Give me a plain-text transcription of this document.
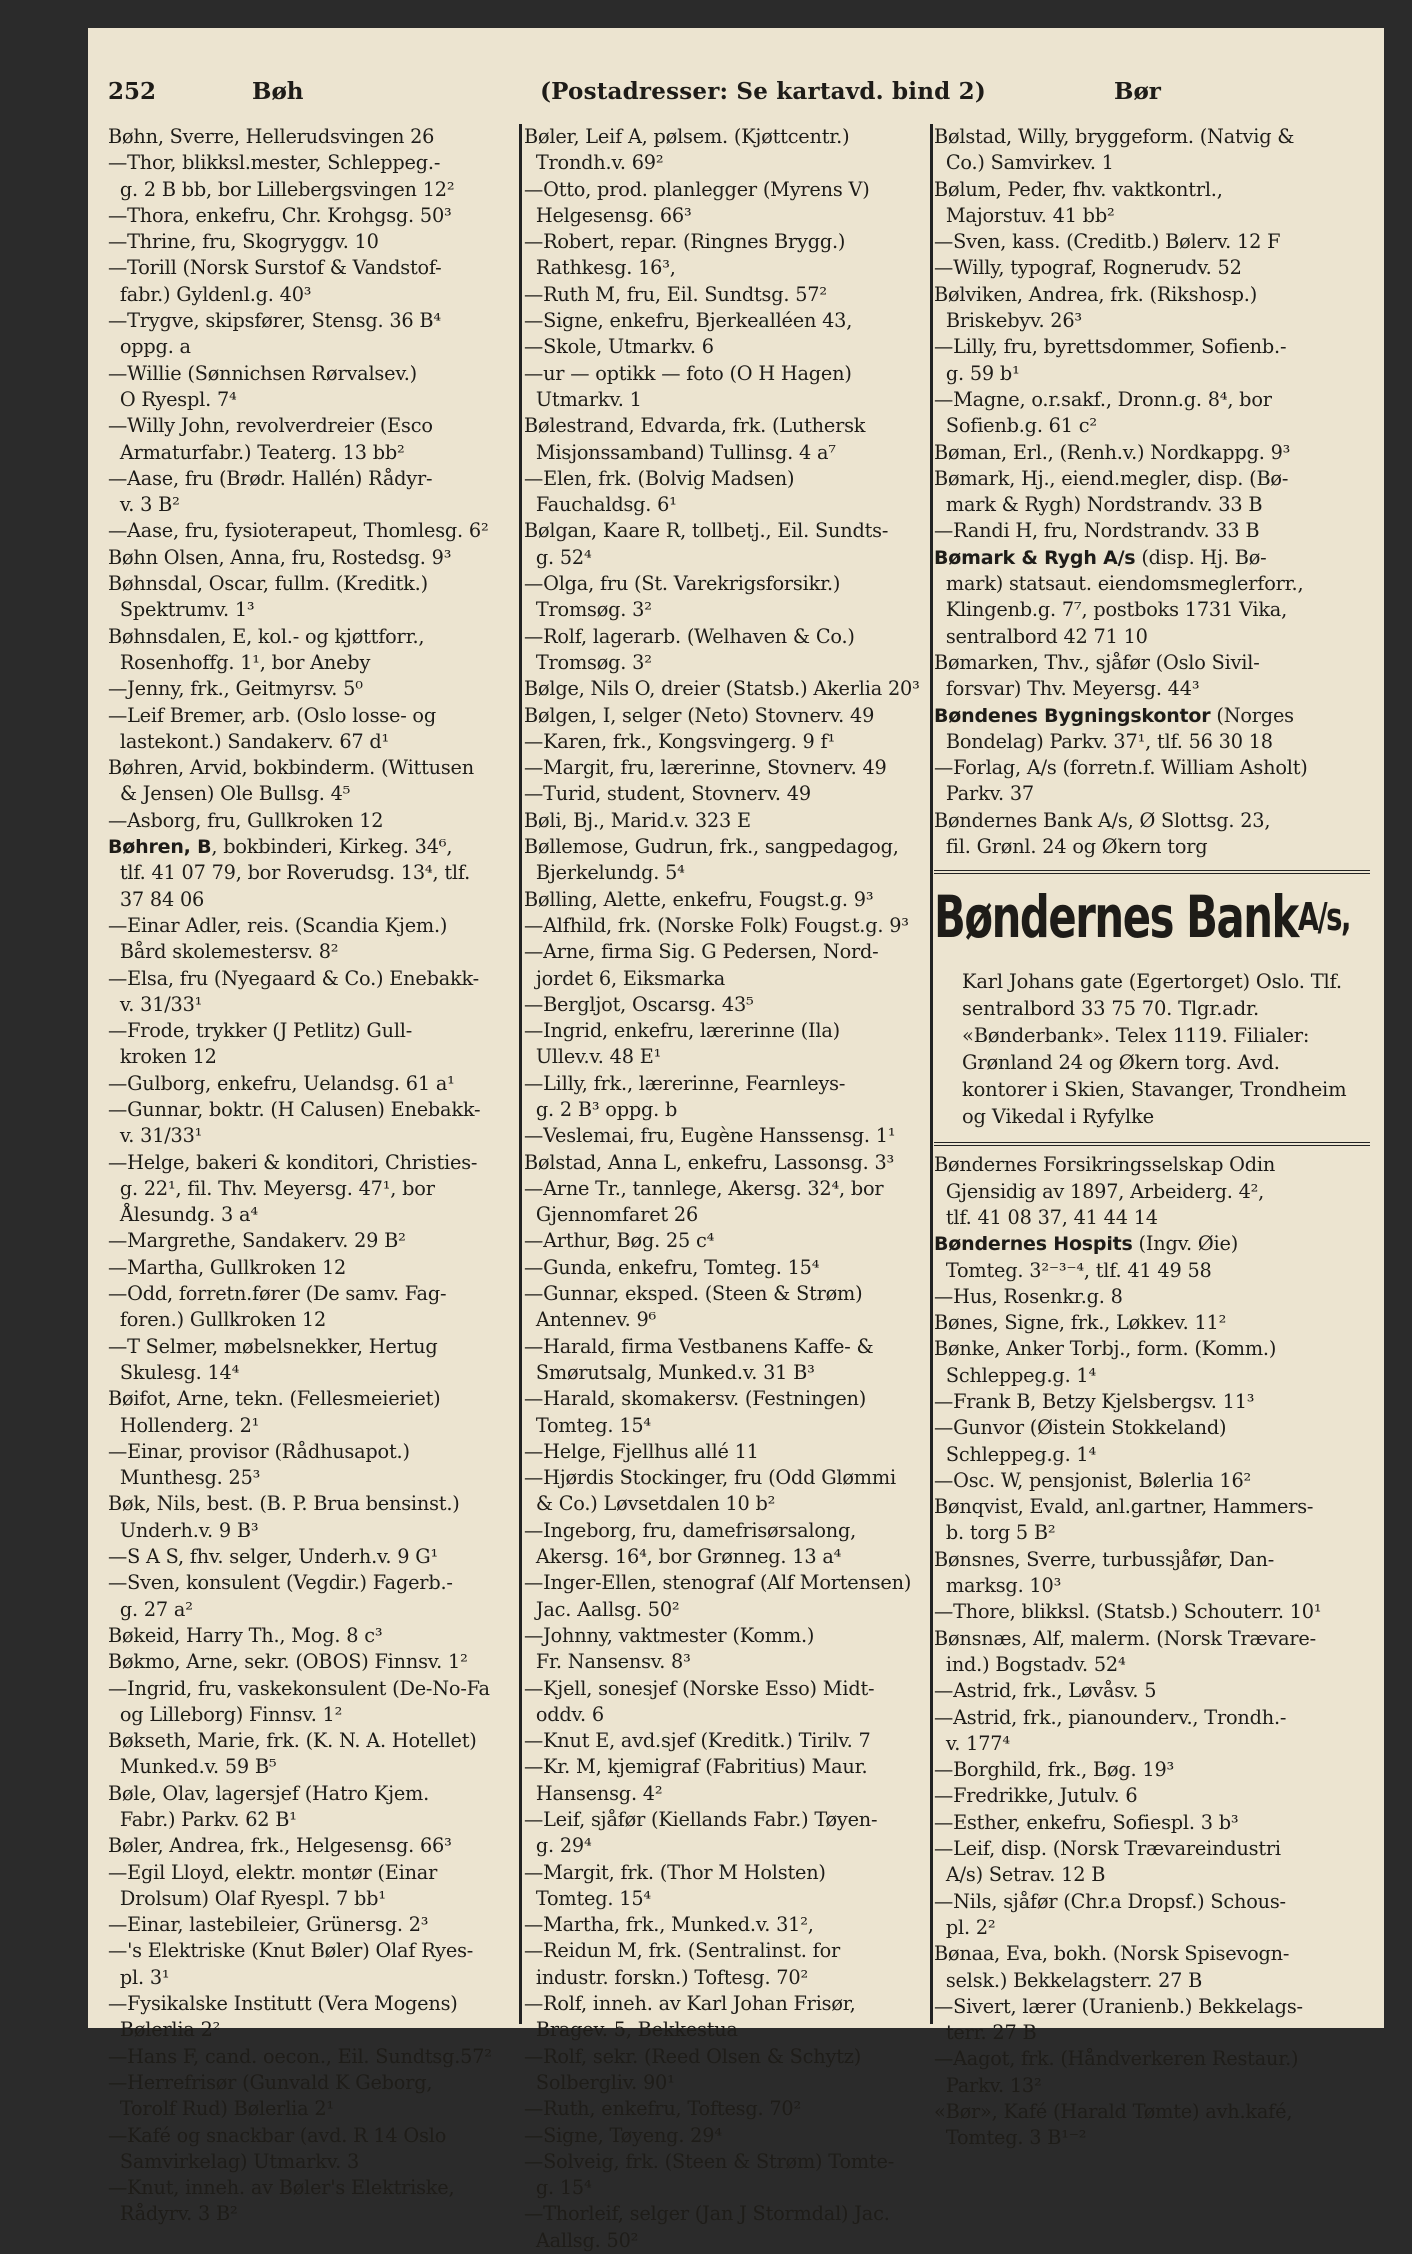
252	Bøh	(Postadresser: Se kartavd. bind 2)	Bør
Bøhn, Sverre, Hellerudsvingen 26
—Thor, blikksl.mester, Schleppeg.-
g. 2 B bb, bor Lillebergsvingen 12²
—Thora, enkefru, Chr. Krohgsg. 50³
—Thrine, fru, Skogryggv. 10
—Torill (Norsk Surstof & Vandstof-
fabr.) Gyldenl.g. 40³
—Trygve, skipsfører, Stensg. 36 B⁴
oppg. a
—Willie (Sønnichsen Rørvalsev.)
O Ryespl. 7⁴
—Willy John, revolverdreier (Esco
Armaturfabr.) Teaterg. 13 bb²
—Aase, fru (Brødr. Hallén) Rådyr-
v. 3 B²
—Aase, fru, fysioterapeut, Thomlesg. 6²
Bøhn Olsen, Anna, fru, Rostedsg. 9³
Bøhnsdal, Oscar, fullm. (Kreditk.)
Spektrumv. 1³
Bøhnsdalen, E, kol.- og kjøttforr.,
Rosenhoffg. 1¹, bor Aneby
—Jenny, frk., Geitmyrsv. 5⁰
—Leif Bremer, arb. (Oslo losse- og
lastekont.) Sandakerv. 67 d¹
Bøhren, Arvid, bokbinderm. (Wittusen
& Jensen) Ole Bullsg. 4⁵
—Asborg, fru, Gullkroken 12
Bøhren, B, bokbinderi, Kirkeg. 34⁶,
tlf. 41 07 79, bor Roverudsg. 13⁴, tlf.
37 84 06
—Einar Adler, reis. (Scandia Kjem.)
Bård skolemestersv. 8²
—Elsa, fru (Nyegaard & Co.) Enebakk-
v. 31/33¹
—Frode, trykker (J Petlitz) Gull-
kroken 12
—Gulborg, enkefru, Uelandsg. 61 a¹
—Gunnar, boktr. (H Calusen) Enebakk-
v. 31/33¹
—Helge, bakeri & konditori, Christies-
g. 22¹, fil. Thv. Meyersg. 47¹, bor
Ålesundg. 3 a⁴
—Margrethe, Sandakerv. 29 B²
—Martha, Gullkroken 12
—Odd, forretn.fører (De samv. Fag-
foren.) Gullkroken 12
—T Selmer, møbelsnekker, Hertug
Skulesg. 14⁴
Bøifot, Arne, tekn. (Fellesmeieriet)
Hollenderg. 2¹
—Einar, provisor (Rådhusapot.)
Munthesg. 25³
Bøk, Nils, best. (B. P. Brua bensinst.)
Underh.v. 9 B³
—S A S, fhv. selger, Underh.v. 9 G¹
—Sven, konsulent (Vegdir.) Fagerb.-
g. 27 a²
Bøkeid, Harry Th., Mog. 8 c³
Bøkmo, Arne, sekr. (OBOS) Finnsv. 1²
—Ingrid, fru, vaskekonsulent (De-No-Fa
og Lilleborg) Finnsv. 1²
Bøkseth, Marie, frk. (K. N. A. Hotellet)
Munked.v. 59 B⁵
Bøle, Olav, lagersjef (Hatro Kjem.
Fabr.) Parkv. 62 B¹
Bøler, Andrea, frk., Helgesensg. 66³
—Egil Lloyd, elektr. montør (Einar
Drolsum) Olaf Ryespl. 7 bb¹
—Einar, lastebileier, Grünersg. 2³
—'s Elektriske (Knut Bøler) Olaf Ryes-
pl. 3¹
—Fysikalske Institutt (Vera Mogens)
Bølerlia 2²
—Hans F, cand. oecon., Eil. Sundtsg.57²
—Herrefrisør (Gunvald K Geborg,
Torolf Rud) Bølerlia 2¹
—Kafé og snackbar (avd. R 14 Oslo
Samvirkelag) Utmarkv. 3
—Knut, inneh. av Bøler's Elektriske,
Rådyrv. 3 B²
Bøler, Leif A, pølsem. (Kjøttcentr.)
Trondh.v. 69²
—Otto, prod. planlegger (Myrens V)
Helgesensg. 66³
—Robert, repar. (Ringnes Brygg.)
Rathkesg. 16³,
—Ruth M, fru, Eil. Sundtsg. 57²
—Signe, enkefru, Bjerkealléen 43,
—Skole, Utmarkv. 6
—ur — optikk — foto (O H Hagen)
Utmarkv. 1
Bølestrand, Edvarda, frk. (Luthersk
Misjonssamband) Tullinsg. 4 a⁷
—Elen, frk. (Bolvig Madsen)
Fauchaldsg. 6¹
Bølgan, Kaare R, tollbetj., Eil. Sundts-
g. 52⁴
—Olga, fru (St. Varekrigsforsikr.)
Tromsøg. 3²
—Rolf, lagerarb. (Welhaven & Co.)
Tromsøg. 3²
Bølge, Nils O, dreier (Statsb.) Akerlia 20³
Bølgen, I, selger (Neto) Stovnerv. 49
—Karen, frk., Kongsvingerg. 9 f¹
—Margit, fru, lærerinne, Stovnerv. 49
—Turid, student, Stovnerv. 49
Bøli, Bj., Marid.v. 323 E
Bøllemose, Gudrun, frk., sangpedagog,
Bjerkelundg. 5⁴
Bølling, Alette, enkefru, Fougst.g. 9³
—Alfhild, frk. (Norske Folk) Fougst.g. 9³
—Arne, firma Sig. G Pedersen, Nord-
jordet 6, Eiksmarka
—Bergljot, Oscarsg. 43⁵
—Ingrid, enkefru, lærerinne (Ila)
Ullev.v. 48 E¹
—Lilly, frk., lærerinne, Fearnleys-
g. 2 B³ oppg. b
—Veslemai, fru, Eugène Hanssensg. 1¹
Bølstad, Anna L, enkefru, Lassonsg. 3³
—Arne Tr., tannlege, Akersg. 32⁴, bor
Gjennomfaret 26
—Arthur, Bøg. 25 c⁴
—Gunda, enkefru, Tomteg. 15⁴
—Gunnar, eksped. (Steen & Strøm)
Antennev. 9⁶
—Harald, firma Vestbanens Kaffe- &
Smørutsalg, Munked.v. 31 B³
—Harald, skomakersv. (Festningen)
Tomteg. 15⁴
—Helge, Fjellhus allé 11
—Hjørdis Stockinger, fru (Odd Glømmi
& Co.) Løvsetdalen 10 b²
—Ingeborg, fru, damefrisørsalong,
Akersg. 16⁴, bor Grønneg. 13 a⁴
—Inger-Ellen, stenograf (Alf Mortensen)
Jac. Aallsg. 50²
—Johnny, vaktmester (Komm.)
Fr. Nansensv. 8³
—Kjell, sonesjef (Norske Esso) Midt-
oddv. 6
—Knut E, avd.sjef (Kreditk.) Tirilv. 7
—Kr. M, kjemigraf (Fabritius) Maur.
Hansensg. 4²
—Leif, sjåfør (Kiellands Fabr.) Tøyen-
g. 29⁴
—Margit, frk. (Thor M Holsten)
Tomteg. 15⁴
—Martha, frk., Munked.v. 31²,
—Reidun M, frk. (Sentralinst. for
industr. forskn.) Toftesg. 70²
—Rolf, inneh. av Karl Johan Frisør,
Bragev. 5, Bekkestua
—Rolf, sekr. (Reed Olsen & Schytz)
Solbergliv. 90¹
—Ruth, enkefru, Toftesg. 70²
—Signe, Tøyeng. 29⁴
—Solveig, frk. (Steen & Strøm) Tomte-
g. 15⁴
—Thorleif, selger (Jan J Stormdal) Jac.
Aallsg. 50²
Bølstad, Willy, bryggeform. (Natvig &
Co.) Samvirkev. 1
Bølum, Peder, fhv. vaktkontrl.,
Majorstuv. 41 bb²
—Sven, kass. (Creditb.) Bølerv. 12 F
—Willy, typograf, Rognerudv. 52
Bølviken, Andrea, frk. (Rikshosp.)
Briskebyv. 26³
—Lilly, fru, byrettsdommer, Sofienb.-
g. 59 b¹
—Magne, o.r.sakf., Dronn.g. 8⁴, bor
Sofienb.g. 61 c²
Bøman, Erl., (Renh.v.) Nordkappg. 9³
Bømark, Hj., eiend.megler, disp. (Bø-
mark & Rygh) Nordstrandv. 33 B
—Randi H, fru, Nordstrandv. 33 B
Bømark & Rygh A/s (disp. Hj. Bø-
mark) statsaut. eiendomsmeglerforr.,
Klingenb.g. 7⁷, postboks 1731 Vika,
sentralbord 42 71 10
Bømarken, Thv., sjåfør (Oslo Sivil-
forsvar) Thv. Meyersg. 44³
Bøndenes Bygningskontor (Norges
Bondelag) Parkv. 37¹, tlf. 56 30 18
—Forlag, A/s (forretn.f. William Asholt)
Parkv. 37
Bøndernes Bank A/s, Ø Slottsg. 23,
fil. Grønl. 24 og Økern torg
Bøndernes Bank$^{A/s,}$
Karl Johans gate (Egertorget) Oslo. Tlf. sentralbord 33 75 70. Tlgr.adr. «Bønderbank». Telex 1119. Filialer: Grønland 24 og Økern torg. Avd. kontorer i Skien, Stavanger, Trondheim og Vikedal i Ryfylke
Bøndernes Forsikringsselskap Odin
Gjensidig av 1897, Arbeiderg. 4²,
tlf. 41 08 37, 41 44 14
Bøndernes Hospits (Ingv. Øie)
Tomteg. 3²⁻³⁻⁴, tlf. 41 49 58
—Hus, Rosenkr.g. 8
Bønes, Signe, frk., Løkkev. 11²
Bønke, Anker Torbj., form. (Komm.)
Schleppeg.g. 1⁴
—Frank B, Betzy Kjelsbergsv. 11³
—Gunvor (Øistein Stokkeland)
Schleppeg.g. 1⁴
—Osc. W, pensjonist, Bølerlia 16²
Bønqvist, Evald, anl.gartner, Hammers-
b. torg 5 B²
Bønsnes, Sverre, turbussjåfør, Dan-
marksg. 10³
—Thore, blikksl. (Statsb.) Schouterr. 10¹
Bønsnæs, Alf, malerm. (Norsk Trævare-
ind.) Bogstadv. 52⁴
—Astrid, frk., Løvåsv. 5
—Astrid, frk., pianounderv., Trondh.-
v. 177⁴
—Borghild, frk., Bøg. 19³
—Fredrikke, Jutulv. 6
—Esther, enkefru, Sofiespl. 3 b³
—Leif, disp. (Norsk Trævareindustri
A/s) Setrav. 12 B
—Nils, sjåfør (Chr.a Dropsf.) Schous-
pl. 2²
Bønaa, Eva, bokh. (Norsk Spisevogn-
selsk.) Bekkelagsterr. 27 B
—Sivert, lærer (Uranienb.) Bekkelags-
terr. 27 B
—Aagot, frk. (Håndverkeren Restaur.)
Parkv. 13²
«Bør», Kafé (Harald Tømte) avh.kafé,
Tomteg. 3 B¹⁻²
